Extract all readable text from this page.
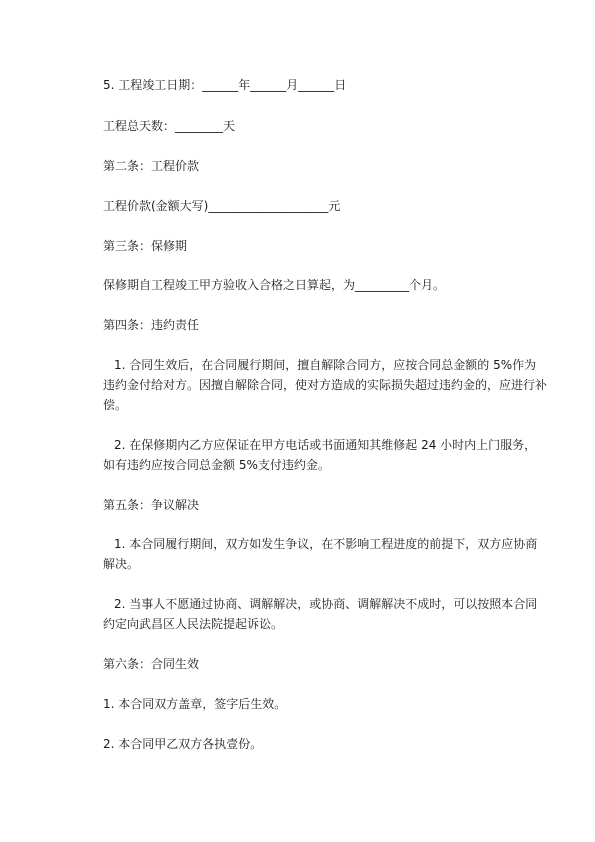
5. 工程竣工日期：______年______月______日
工程总天数：________天
第二条：工程价款
工程价款(金额大写)____________________元
第三条：保修期
保修期自工程竣工甲方验收入合格之日算起，为_________个月。
第四条：违约责任
1. 合同生效后，在合同履行期间，擅自解除合同方，应按合同总金额的 5%作为
违约金付给对方。因擅自解除合同，使对方造成的实际损失超过违约金的，应进行补
偿。
2. 在保修期内乙方应保证在甲方电话或书面通知其维修起 24 小时内上门服务，
如有违约应按合同总金额 5%支付违约金。
第五条：争议解决
1. 本合同履行期间，双方如发生争议，在不影响工程进度的前提下，双方应协商
解决。
2. 当事人不愿通过协商、调解解决，或协商、调解解决不成时，可以按照本合同
约定向武昌区人民法院提起诉讼。
第六条：合同生效
1. 本合同双方盖章，签字后生效。
2. 本合同甲乙双方各执壹份。
